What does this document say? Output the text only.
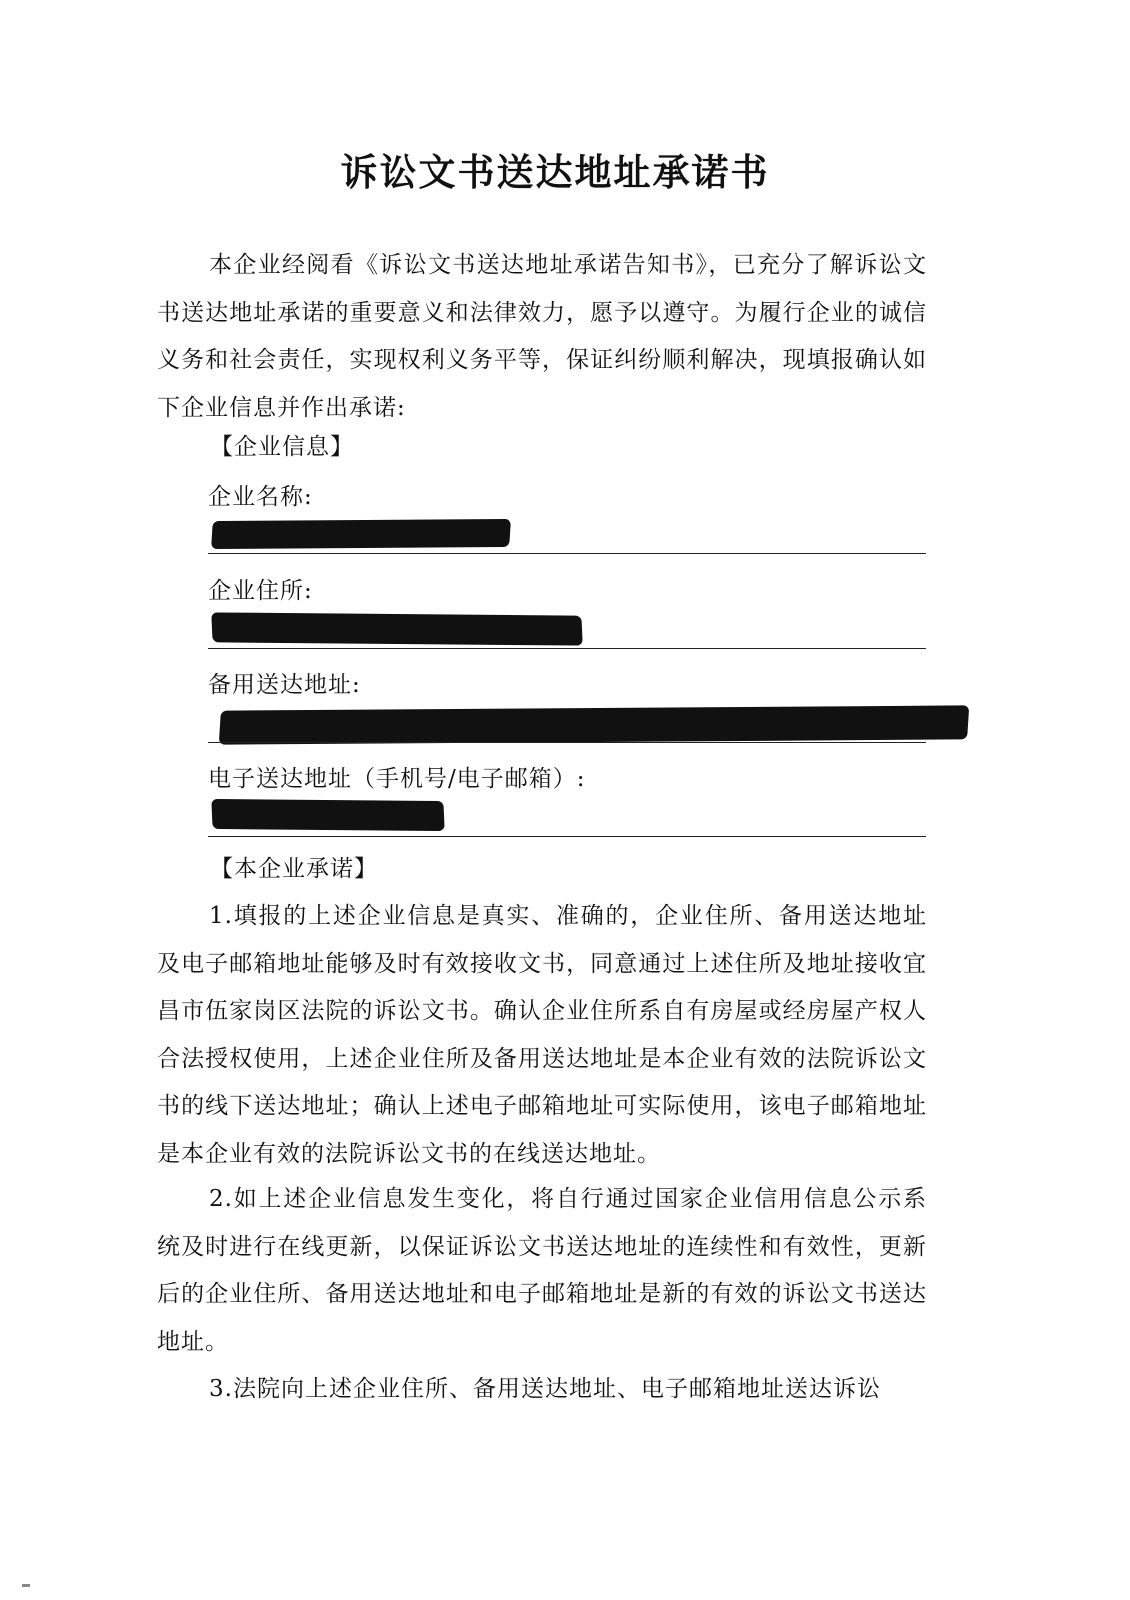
诉讼文书送达地址承诺书

本企业经阅看《诉讼文书送达地址承诺告知书》，已充分了解诉讼文书送达地址承诺的重要意义和法律效力，愿予以遵守。为履行企业的诚信义务和社会责任，实现权利义务平等，保证纠纷顺利解决，现填报确认如下企业信息并作出承诺:

【企业信息】

企业名称:

企业住所:

备用送达地址:

电子送达地址（手机号/电子邮箱）:

【本企业承诺】

1.填报的上述企业信息是真实、准确的，企业住所、备用送达地址及电子邮箱地址能够及时有效接收文书，同意通过上述住所及地址接收宜昌市伍家岗区法院的诉讼文书。确认企业住所系自有房屋或经房屋产权人合法授权使用，上述企业住所及备用送达地址是本企业有效的法院诉讼文书的线下送达地址；确认上述电子邮箱地址可实际使用，该电子邮箱地址是本企业有效的法院诉讼文书的在线送达地址。

2.如上述企业信息发生变化，将自行通过国家企业信用信息公示系统及时进行在线更新，以保证诉讼文书送达地址的连续性和有效性，更新后的企业住所、备用送达地址和电子邮箱地址是新的有效的诉讼文书送达地址。

3.法院向上述企业住所、备用送达地址、电子邮箱地址送达诉讼
